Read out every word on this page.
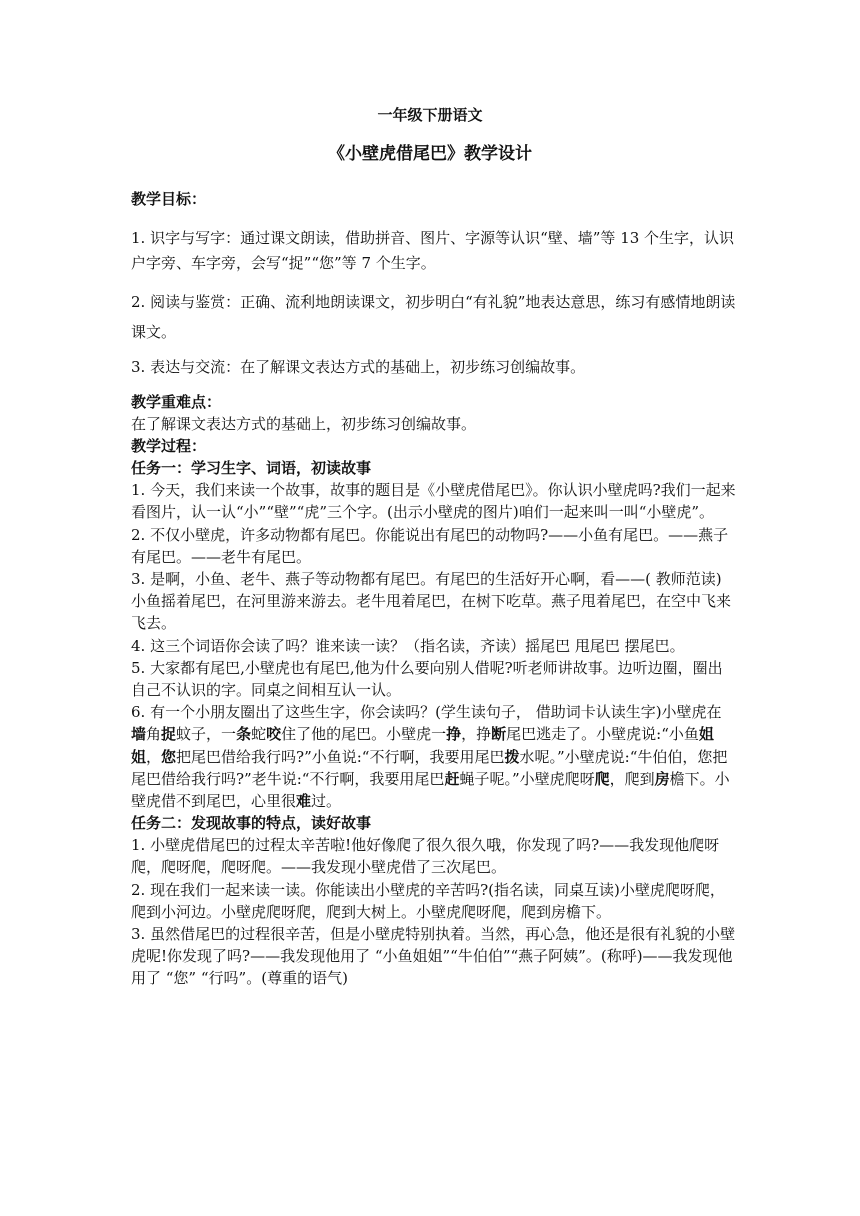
一年级下册语文
《小壁虎借尾巴》教学设计

教学目标：

1. 识字与写字：通过课文朗读，借助拼音、图片、字源等认识“壁、墙”等 13 个生字，认识户字旁、车字旁，会写“捉”“您”等 7 个生字。

2. 阅读与鉴赏：正确、流利地朗读课文，初步明白“有礼貌”地表达意思，练习有感情地朗读课文。

3. 表达与交流：在了解课文表达方式的基础上，初步练习创编故事。

教学重难点：

在了解课文表达方式的基础上，初步练习创编故事。

教学过程：

任务一：学习生字、词语，初读故事

1. 今天，我们来读一个故事，故事的题目是《小壁虎借尾巴》。你认识小壁虎吗?我们一起来看图片，认一认“小”“壁”“虎”三个字。(出示小壁虎的图片)咱们一起来叫一叫“小壁虎”。

2. 不仅小壁虎，许多动物都有尾巴。你能说出有尾巴的动物吗?——小鱼有尾巴。——燕子有尾巴。——老牛有尾巴。

3. 是啊，小鱼、老牛、燕子等动物都有尾巴。有尾巴的生活好开心啊，看——( 教师范读)小鱼摇着尾巴，在河里游来游去。老牛甩着尾巴，在树下吃草。燕子甩着尾巴，在空中飞来飞去。

4. 这三个词语你会读了吗？谁来读一读？（指名读，齐读）摇尾巴 甩尾巴 摆尾巴。

5. 大家都有尾巴,小壁虎也有尾巴,他为什么要向别人借呢?听老师讲故事。边听边圈，圈出自己不认识的字。同桌之间相互认一认。

6. 有一个小朋友圈出了这些生字，你会读吗？(学生读句子， 借助词卡认读生字)小壁虎在墙角捉蚊子，一条蛇咬住了他的尾巴。小壁虎一挣，挣断尾巴逃走了。小壁虎说:“小鱼姐姐，您把尾巴借给我行吗?”小鱼说:“不行啊，我要用尾巴拨水呢。”小壁虎说:“牛伯伯，您把尾巴借给我行吗?”老牛说:“不行啊，我要用尾巴赶蝇子呢。”小壁虎爬呀爬，爬到房檐下。小壁虎借不到尾巴，心里很难过。

任务二：发现故事的特点，读好故事

1. 小壁虎借尾巴的过程太辛苦啦!他好像爬了很久很久哦，你发现了吗?——我发现他爬呀爬，爬呀爬，爬呀爬。——我发现小壁虎借了三次尾巴。

2. 现在我们一起来读一读。你能读出小壁虎的辛苦吗?(指名读，同桌互读)小壁虎爬呀爬，爬到小河边。小壁虎爬呀爬，爬到大树上。小壁虎爬呀爬，爬到房檐下。

3. 虽然借尾巴的过程很辛苦，但是小壁虎特别执着。当然，再心急，他还是很有礼貌的小壁虎呢!你发现了吗?——我发现他用了 “小鱼姐姐”“牛伯伯”“燕子阿姨”。(称呼)——我发现他用了 “您” “行吗”。(尊重的语气)
